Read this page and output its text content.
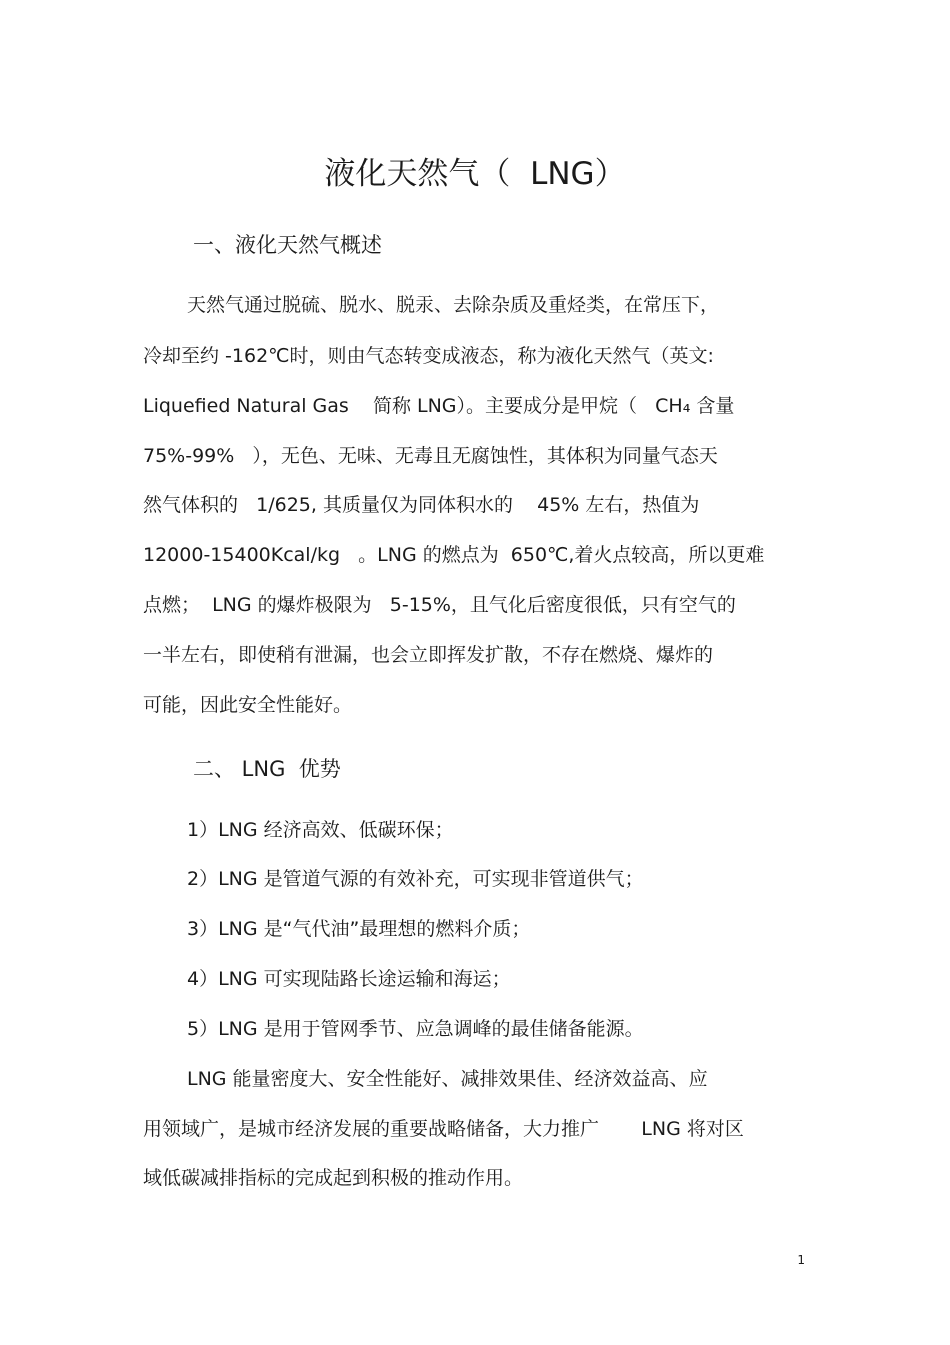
液化天然气（  LNG）
一、液化天然气概述
天然气通过脱硫、脱水、脱汞、去除杂质及重烃类，在常压下，
冷却至约 -162℃时，则由气态转变成液态，称为液化天然气（英文:
Liquefied Natural Gas    简称 LNG）。主要成分是甲烷（   CH₄ 含量
75%-99%   ），无色、无味、无毒且无腐蚀性，其体积为同量气态天
然气体积的   1/625, 其质量仅为同体积水的    45% 左右，热值为
12000-15400Kcal/kg   。LNG 的燃点为  650℃,着火点较高，所以更难
点燃；  LNG 的爆炸极限为   5-15%，且气化后密度很低，只有空气的
一半左右，即使稍有泄漏，也会立即挥发扩散，不存在燃烧、爆炸的
可能，因此安全性能好。
二、 LNG  优势
1）LNG 经济高效、低碳环保；
2）LNG 是管道气源的有效补充，可实现非管道供气；
3）LNG 是“气代油”最理想的燃料介质；
4）LNG 可实现陆路长途运输和海运；
5）LNG 是用于管网季节、应急调峰的最佳储备能源。
LNG 能量密度大、安全性能好、减排效果佳、经济效益高、应
用领域广，是城市经济发展的重要战略储备，大力推广       LNG 将对区
域低碳减排指标的完成起到积极的推动作用。
1
